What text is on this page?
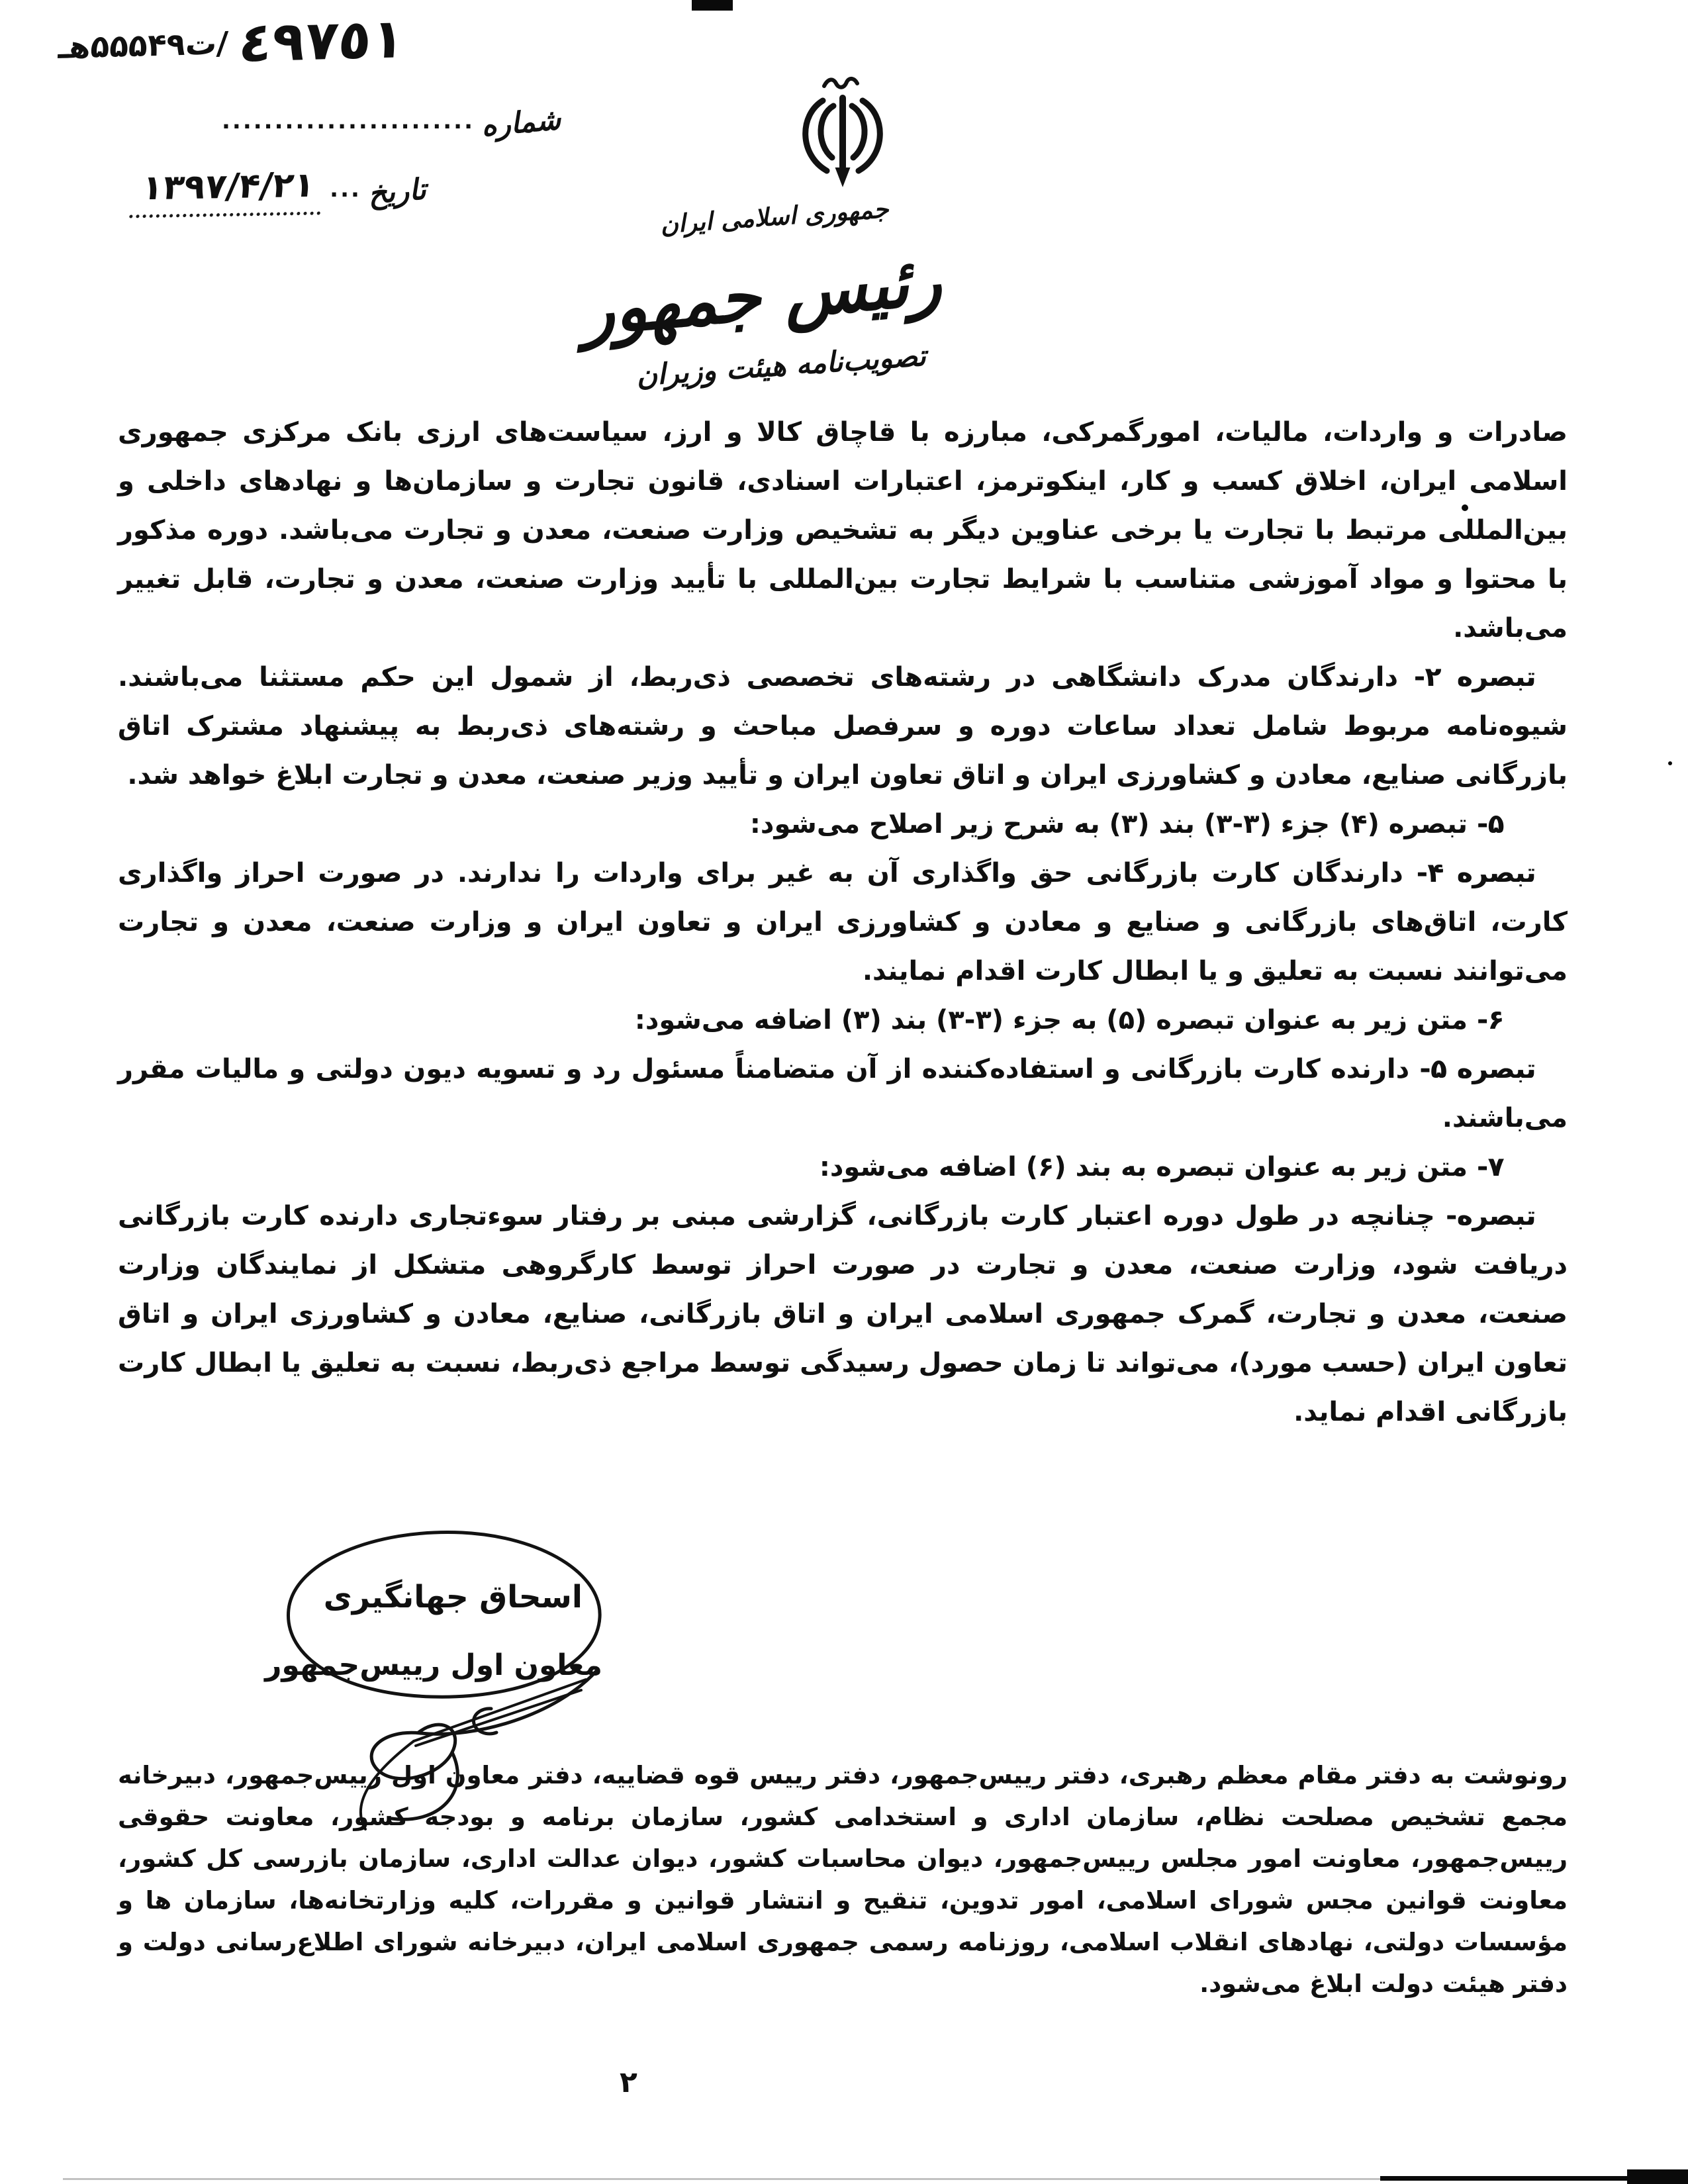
٤٩٧٥١
/ت۵۵۵۴۹هـ
شماره
........................
تاریخ
...
۱۳۹۷/۴/۲۱
جمهوری اسلامی ایران
رئیس جمهور
تصویب‌نامه هیئت وزیران

صادرات و واردات، مالیات، امورگمرکی، مبارزه با قاچاق کالا و ارز، سیاست‌های ارزی بانک مرکزی جمهوری اسلامی ایران، اخلاق کسب و کار، اینکوترمز، اعتبارات اسنادی، قانون تجارت و سازمان‌ها و نهادهای داخلی و بین‌المللی مرتبط با تجارت یا برخی عناوین دیگر به تشخیص وزارت صنعت، معدن و تجارت می‌باشد. دوره مذکور با محتوا و مواد آموزشی متناسب با شرایط تجارت بین‌المللی با تأیید وزارت صنعت، معدن و تجارت، قابل تغییر می‌باشد.

تبصره ۲- دارندگان مدرک دانشگاهی در رشته‌های تخصصی ذی‌ربط، از شمول این حکم مستثنا می‌باشند. شیوه‌نامه مربوط شامل تعداد ساعات دوره و سرفصل مباحث و رشته‌های ذی‌ربط به پیشنهاد مشترک اتاق بازرگانی صنایع، معادن و کشاورزی ایران و اتاق تعاون ایران و تأیید وزیر صنعت، معدن و تجارت ابلاغ خواهد شد.

۵- تبصره (۴) جزء (۳-۳) بند (۳) به شرح زیر اصلاح می‌شود:

تبصره ۴- دارندگان کارت بازرگانی حق واگذاری آن به غیر برای واردات را ندارند. در صورت احراز واگذاری کارت، اتاق‌های بازرگانی و صنایع و معادن و کشاورزی ایران و تعاون ایران و وزارت صنعت، معدن و تجارت می‌توانند نسبت به تعلیق و یا ابطال کارت اقدام نمایند.

۶- متن زیر به عنوان تبصره (۵) به جزء (۳-۳) بند (۳) اضافه می‌شود:

تبصره ۵- دارنده کارت بازرگانی و استفاده‌کننده از آن متضامناً مسئول رد و تسویه دیون دولتی و مالیات مقرر می‌باشند.

۷- متن زیر به عنوان تبصره به بند (۶) اضافه می‌شود:

تبصره- چنانچه در طول دوره اعتبار کارت بازرگانی، گزارشی مبنی بر رفتار سوءتجاری دارنده کارت بازرگانی دریافت شود، وزارت صنعت، معدن و تجارت در صورت احراز توسط کارگروهی متشکل از نمایندگان وزارت صنعت، معدن و تجارت، گمرک جمهوری اسلامی ایران و اتاق بازرگانی، صنایع، معادن و کشاورزی ایران و اتاق تعاون ایران (حسب مورد)، می‌تواند تا زمان حصول رسیدگی توسط مراجع ذی‌ربط، نسبت به تعلیق یا ابطال کارت بازرگانی اقدام نماید.

اسحاق جهانگیری
معاون اول رییس‌جمهور
رونوشت به دفتر مقام معظم رهبری، دفتر رییس‌جمهور، دفتر رییس قوه قضاییه، دفتر معاون اول رییس‌جمهور، دبیرخانه مجمع تشخیص مصلحت نظام، سازمان اداری و استخدامی کشور، سازمان برنامه و بودجه کشور، معاونت حقوقی رییس‌جمهور، معاونت امور مجلس رییس‌جمهور، دیوان محاسبات کشور، دیوان عدالت اداری، سازمان بازرسی کل کشور، معاونت قوانین مجس شورای اسلامی، امور تدوین، تنقیح و انتشار قوانین و مقررات، کلیه وزارتخانه‌ها، سازمان ها و مؤسسات دولتی، نهادهای انقلاب اسلامی، روزنامه رسمی جمهوری اسلامی ایران، دبیرخانه شورای اطلاع‌رسانی دولت و دفتر هیئت دولت ابلاغ می‌شود.
۲
